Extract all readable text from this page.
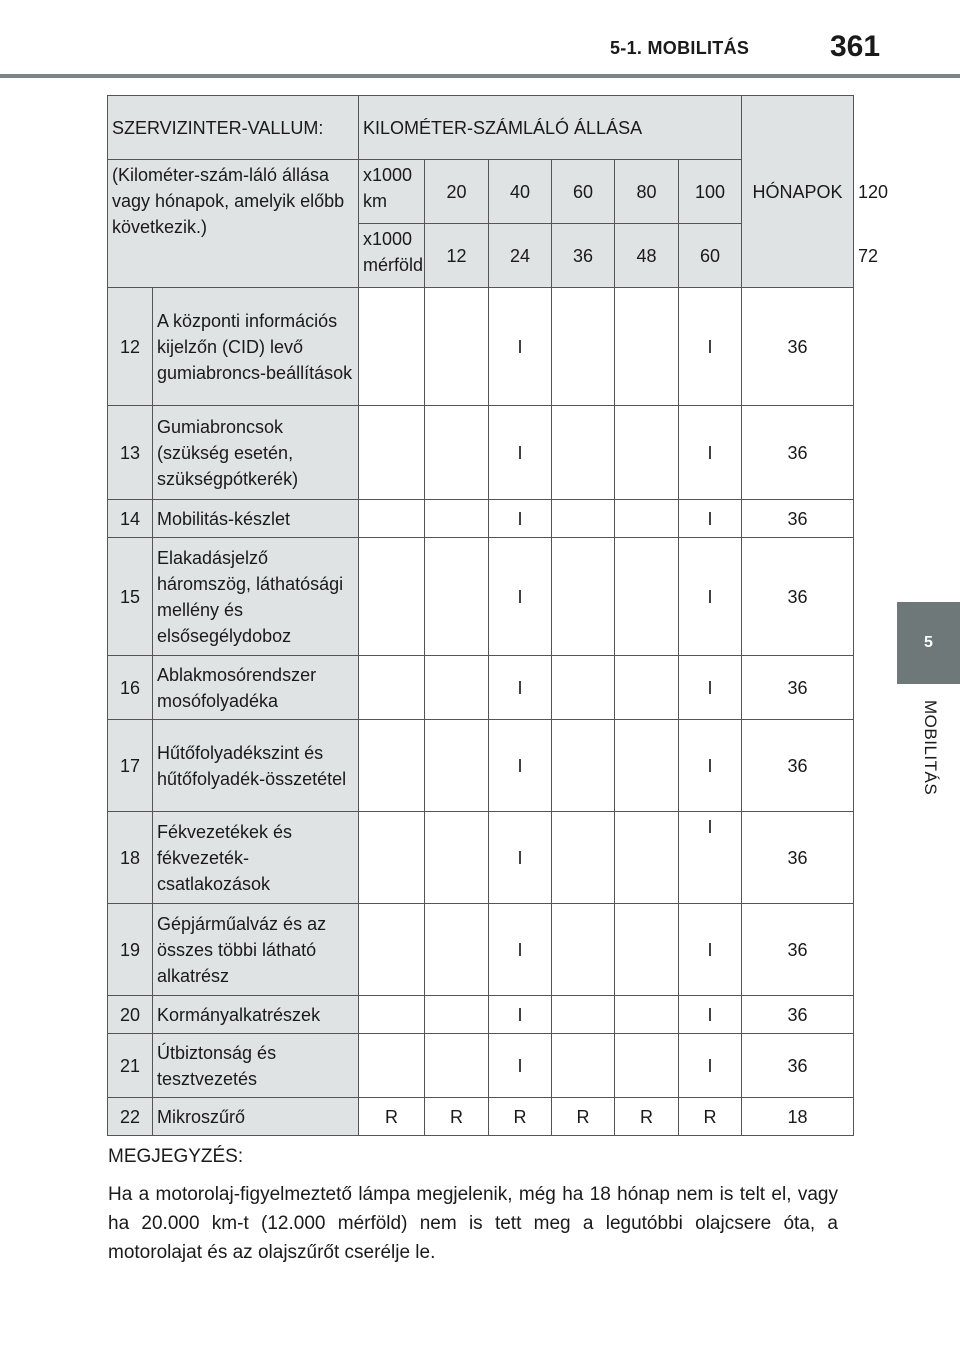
5-1. MOBILITÁS	361
5
MOBILITÁS
SZERVIZINTER-VALLUM:		KILOMÉTER-SZÁMLÁLÓ ÁLLÁSA						HÓNAPOK	
(Kilométer-szám-láló állása vagy hónapok, amelyik előbb következik.)		x1000 km	20	40	60	80	100		120
		x1000 mérföld	12	24	36	48	60		72
12	A központi információs kijelzőn (CID) levő gumiabroncs-beállítások			I			I	36	
13	Gumiabroncsok (szükség esetén, szükségpótkerék)			I			I	36	
14	Mobilitás-készlet			I			I	36	
15	Elakadásjelző háromszög, láthatósági mellény és elsősegélydoboz			I			I	36	
16	Ablakmosórendszer mosófolyadéka			I			I	36	
17	Hűtőfolyadékszint és hűtőfolyadék-összetétel			I			I	36	
18	Fékvezetékek és fékvezeték-csatlakozások			I			I	36	
19	Gépjárműalváz és az összes többi látható alkatrész			I			I	36	
20	Kormányalkatrészek			I			I	36	
21	Útbiztonság és tesztvezetés			I			I	36	
22	Mikroszűrő	R	R	R	R	R	R	18	
MEGJEGYZÉS:
Ha a motorolaj-figyelmeztető lámpa megjelenik, még ha 18 hónap nem is telt el, vagy ha 20.000 km-t (12.000 mérföld) nem is tett meg a legutóbbi olajcsere óta, a motorolajat és az olajszűrőt cserélje le.
